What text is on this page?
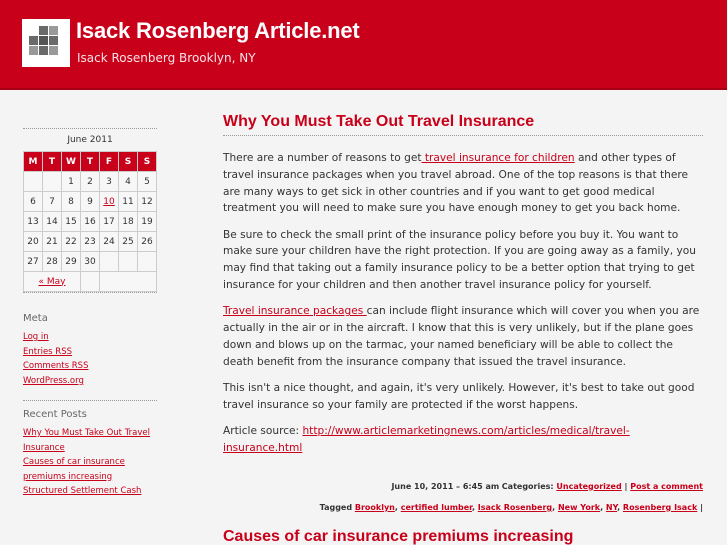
Isack Rosenberg Article.net
Isack Rosenberg Brooklyn, NY
June 2011
M	T	W	T	F	S	S
		1	2	3	4	5
6	7	8	9	10	11	12
13	14	15	16	17	18	19
20	21	22	23	24	25	26
27	28	29	30			
« May						
Meta
Log in
Entries RSS
Comments RSS
WordPress.org
Recent Posts
Why You Must Take Out Travel Insurance
Causes of car insurance premiums increasing
Structured Settlement Cash
Why You Must Take Out Travel Insurance

There are a number of reasons to get travel insurance for children and other types of travel insurance packages when you travel abroad. One of the top reasons is that there are many ways to get sick in other countries and if you want to get good medical treatment you will need to make sure you have enough money to get you back home.

Be sure to check the small print of the insurance policy before you buy it. You want to make sure your children have the right protection. If you are going away as a family, you may find that taking out a family insurance policy to be a better option that trying to get insurance for your children and then another travel insurance policy for yourself.

Travel insurance packages can include flight insurance which will cover you when you are actually in the air or in the aircraft. I know that this is very unlikely, but if the plane goes down and blows up on the tarmac, your named beneficiary will be able to collect the death benefit from the insurance company that issued the travel insurance.

This isn't a nice thought, and again, it's very unlikely. However, it's best to take out good travel insurance so your family are protected if the worst happens.

Article source: http://www.articlemarketingnews.com/articles/medical/travel-insurance.html

June 10, 2011 – 6:45 am Categories: Uncategorized | Post a comment
Tagged Brooklyn, certified lumber, Isack Rosenberg, New York, NY, Rosenberg Isack |
Causes of car insurance premiums increasing
